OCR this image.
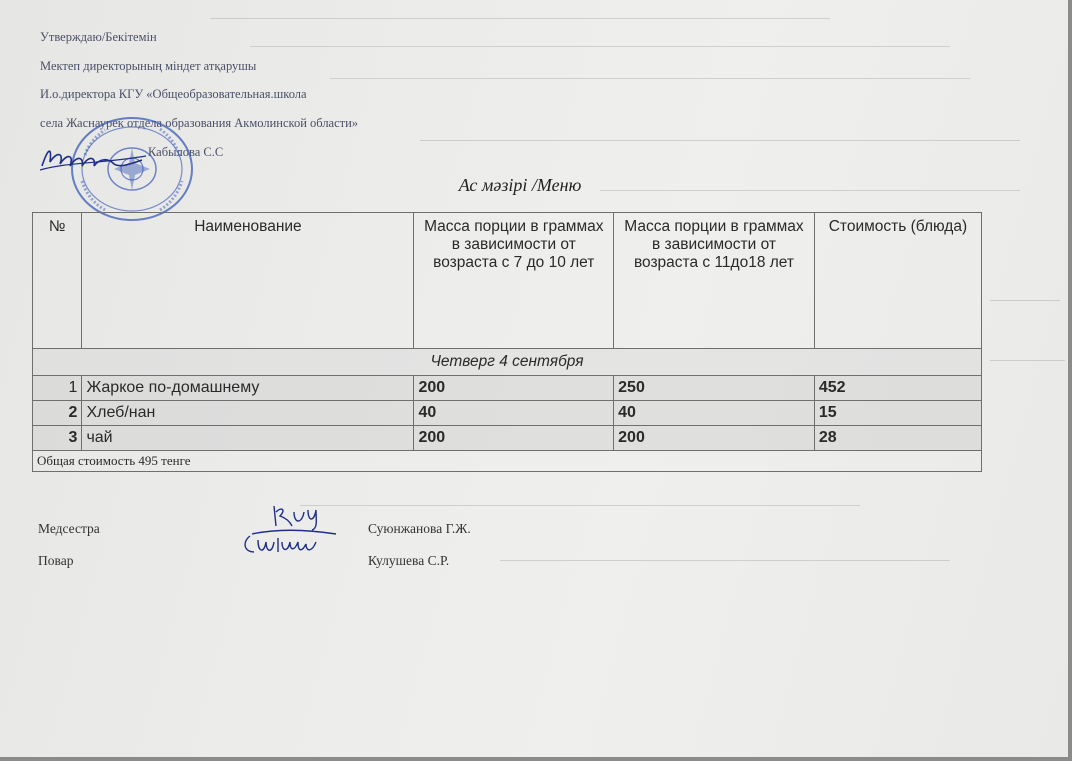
Утверждаю/Бекітемін
Мектеп директорының міндет атқарушы
И.о.директора КГУ «Общеобразовательная.школа
села Жаснаурек отдела образования Акмолинской области»
Кабылова С.С
Ас мәзірі /Меню
№	Наименование	Масса порции в граммах в зависимости от возраста с 7 до 10 лет	Масса порции в граммах в зависимости от возраста с 11до18 лет	Стоимость (блюда)
Четверг 4 сентября				
1	Жаркое по-домашнему	200	250	452
2	Хлеб/нан	40	40	15
3	чай	200	200	28
Общая стоимость 495 тенге				
Медсестра	Суюнжанова Г.Ж.
Повар	Кулушева С.Р.
